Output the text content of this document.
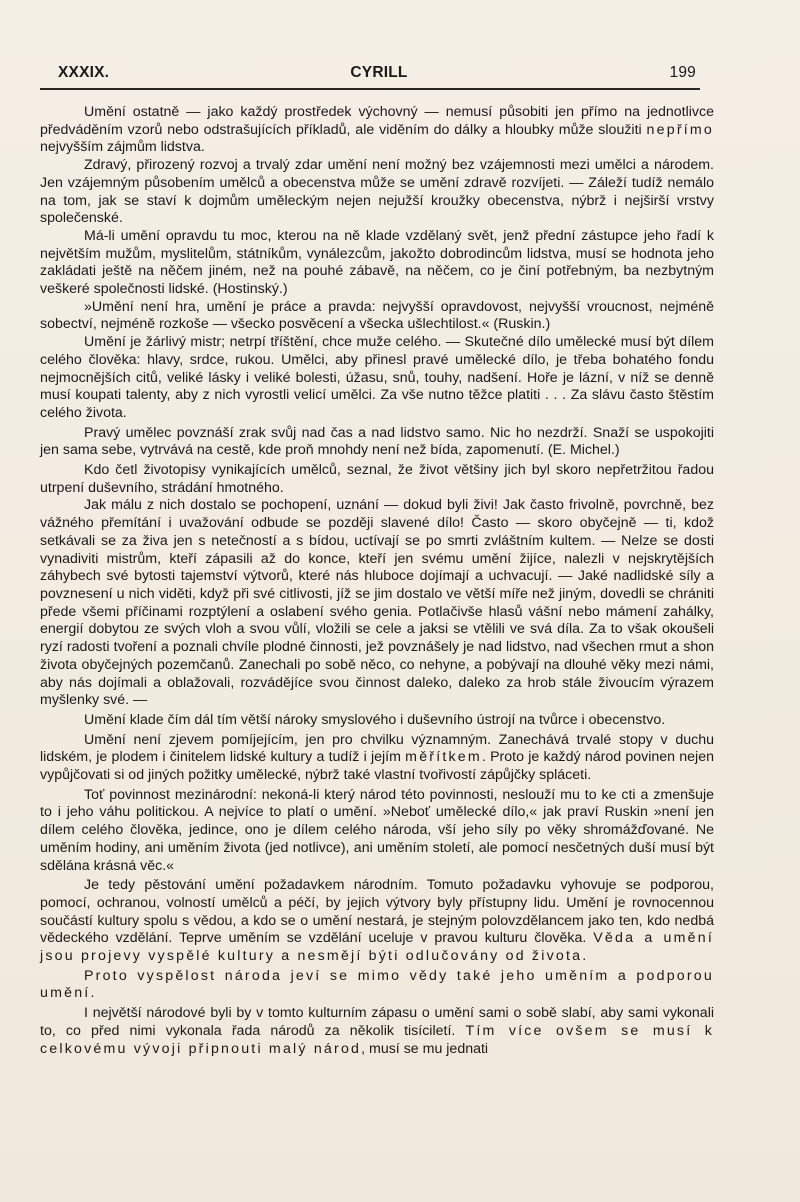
XXXIX.	CYRILL	199

Umění ostatně — jako každý prostředek výchovný — nemusí působiti jen přímo na jednotlivce předváděním vzorů nebo odstrašujících příkladů, ale viděním do dálky a hloubky může sloužiti nepřímo nejvyšším zájmům lidstva.

Zdravý, přirozený rozvoj a trvalý zdar umění není možný bez vzájemnosti mezi umělci a národem. Jen vzájemným působením umělců a obecenstva může se umění zdravě rozvíjeti. — Záleží tudíž nemálo na tom, jak se staví k dojmům uměleckým nejen nejužší kroužky obecenstva, nýbrž i nejširší vrstvy společenské.

Má-li umění opravdu tu moc, kterou na ně klade vzdělaný svět, jenž přední zástupce jeho řadí k největším mužům, myslitelům, státníkům, vynálezcům, jakožto dobrodincům lidstva, musí se hodnota jeho zakládati ještě na něčem jiném, než na pouhé zábavě, na něčem, co je činí potřebným, ba nezbytným veškeré společnosti lidské. (Hostinský.)

»Umění není hra, umění je práce a pravda: nejvyšší opravdovost, nejvyšší vroucnost, nejméně sobectví, nejméně rozkoše — všecko posvěcení a všecka ušlechtilost.« (Ruskin.)

Umění je žárlivý mistr; netrpí tříštění, chce muže celého. — Skutečné dílo umělecké musí být dílem celého člověka: hlavy, srdce, rukou. Umělci, aby přinesl pravé umělecké dílo, je třeba bohatého fondu nejmocnějších citů, veliké lásky i veliké bolesti, úžasu, snů, touhy, nadšení. Hoře je lázní, v níž se denně musí koupati talenty, aby z nich vyrostli velicí umělci. Za vše nutno těžce platiti . . . Za slávu často štěstím celého života.

Pravý umělec povznáší zrak svůj nad čas a nad lidstvo samo. Nic ho nezdrží. Snaží se uspokojiti jen sama sebe, vytrvává na cestě, kde proň mnohdy není než bída, zapomenutí. (E. Michel.)

Kdo četl životopisy vynikajících umělců, seznal, že život většiny jich byl skoro nepřetržitou řadou utrpení duševního, strádání hmotného.

Jak málu z nich dostalo se pochopení, uznání — dokud byli živi! Jak často frivolně, povrchně, bez vážného přemítání i uvažování odbude se později slavené dílo! Často — skoro obyčejně — ti, kdož setkávali se za živa jen s netečností a s bídou, uctívají se po smrti zvláštním kultem. — Nelze se dosti vynadiviti mistrům, kteří zápasili až do konce, kteří jen svému umění žijíce, nalezli v nejskrytějších záhybech své bytosti tajemství výtvorů, které nás hluboce dojímají a uchvacují. — Jaké nadlidské síly a povznesení u nich viděti, když při své citlivosti, jíž se jim dostalo ve větší míře než jiným, dovedli se chrániti přede všemi příčinami rozptýlení a oslabení svého genia. Potlačivše hlasů vášní nebo mámení zahálky, energií dobytou ze svých vloh a svou vůlí, vložili se cele a jaksi se vtělili ve svá díla. Za to však okoušeli ryzí radosti tvoření a poznali chvíle plodné činnosti, jež povznášely je nad lidstvo, nad všechen rmut a shon života obyčejných pozemčanů. Zanechali po sobě něco, co nehyne, a pobývají na dlouhé věky mezi námi, aby nás dojímali a oblažovali, rozvádějíce svou činnost daleko, daleko za hrob stále živoucím výrazem myšlenky své. —

Umění klade čím dál tím větší nároky smyslového i duševního ústrojí na tvůrce i obecenstvo.

Umění není zjevem pomíjejícím, jen pro chvilku významným. Zanechává trvalé stopy v duchu lidském, je plodem i činitelem lidské kultury a tudíž i jejím měřítkem. Proto je každý národ povinen nejen vypůjčovati si od jiných požitky umělecké, nýbrž také vlastní tvořivostí zápůjčky spláceti.

Toť povinnost mezinárodní: nekoná-li který národ této povinnosti, neslouží mu to ke cti a zmenšuje to i jeho váhu politickou. A nejvíce to platí o umění. »Neboť umělecké dílo,« jak praví Ruskin »není jen dílem celého člověka, jedince, ono je dílem celého národa, vší jeho síly po věky shromážďované. Ne uměním hodiny, ani uměním života (jed notlivce), ani uměním století, ale pomocí nesčetných duší musí být sdělána krásná věc.«

Je tedy pěstování umění požadavkem národním. Tomuto požadavku vyhovuje se podporou, pomocí, ochranou, volností umělců a péčí, by jejich výtvory byly přístupny lidu. Umění je rovnocennou součástí kultury spolu s vědou, a kdo se o umění nestará, je stejným polovzdělancem jako ten, kdo nedbá vědeckého vzdělání. Teprve uměním se vzdělání uceluje v pravou kulturu člověka. Věda a umění jsou projevy vyspělé kultury a nesmějí býti odlučovány od života.

Proto vyspělost národa jeví se mimo vědy také jeho uměním a podporou umění.

I největší národové byli by v tomto kulturním zápasu o umění sami o sobě slabí, aby sami vykonali to, co před nimi vykonala řada národů za několik tisíciletí. Tím více ovšem se musí k celkovému vývoji připnouti malý národ, musí se mu jednati
